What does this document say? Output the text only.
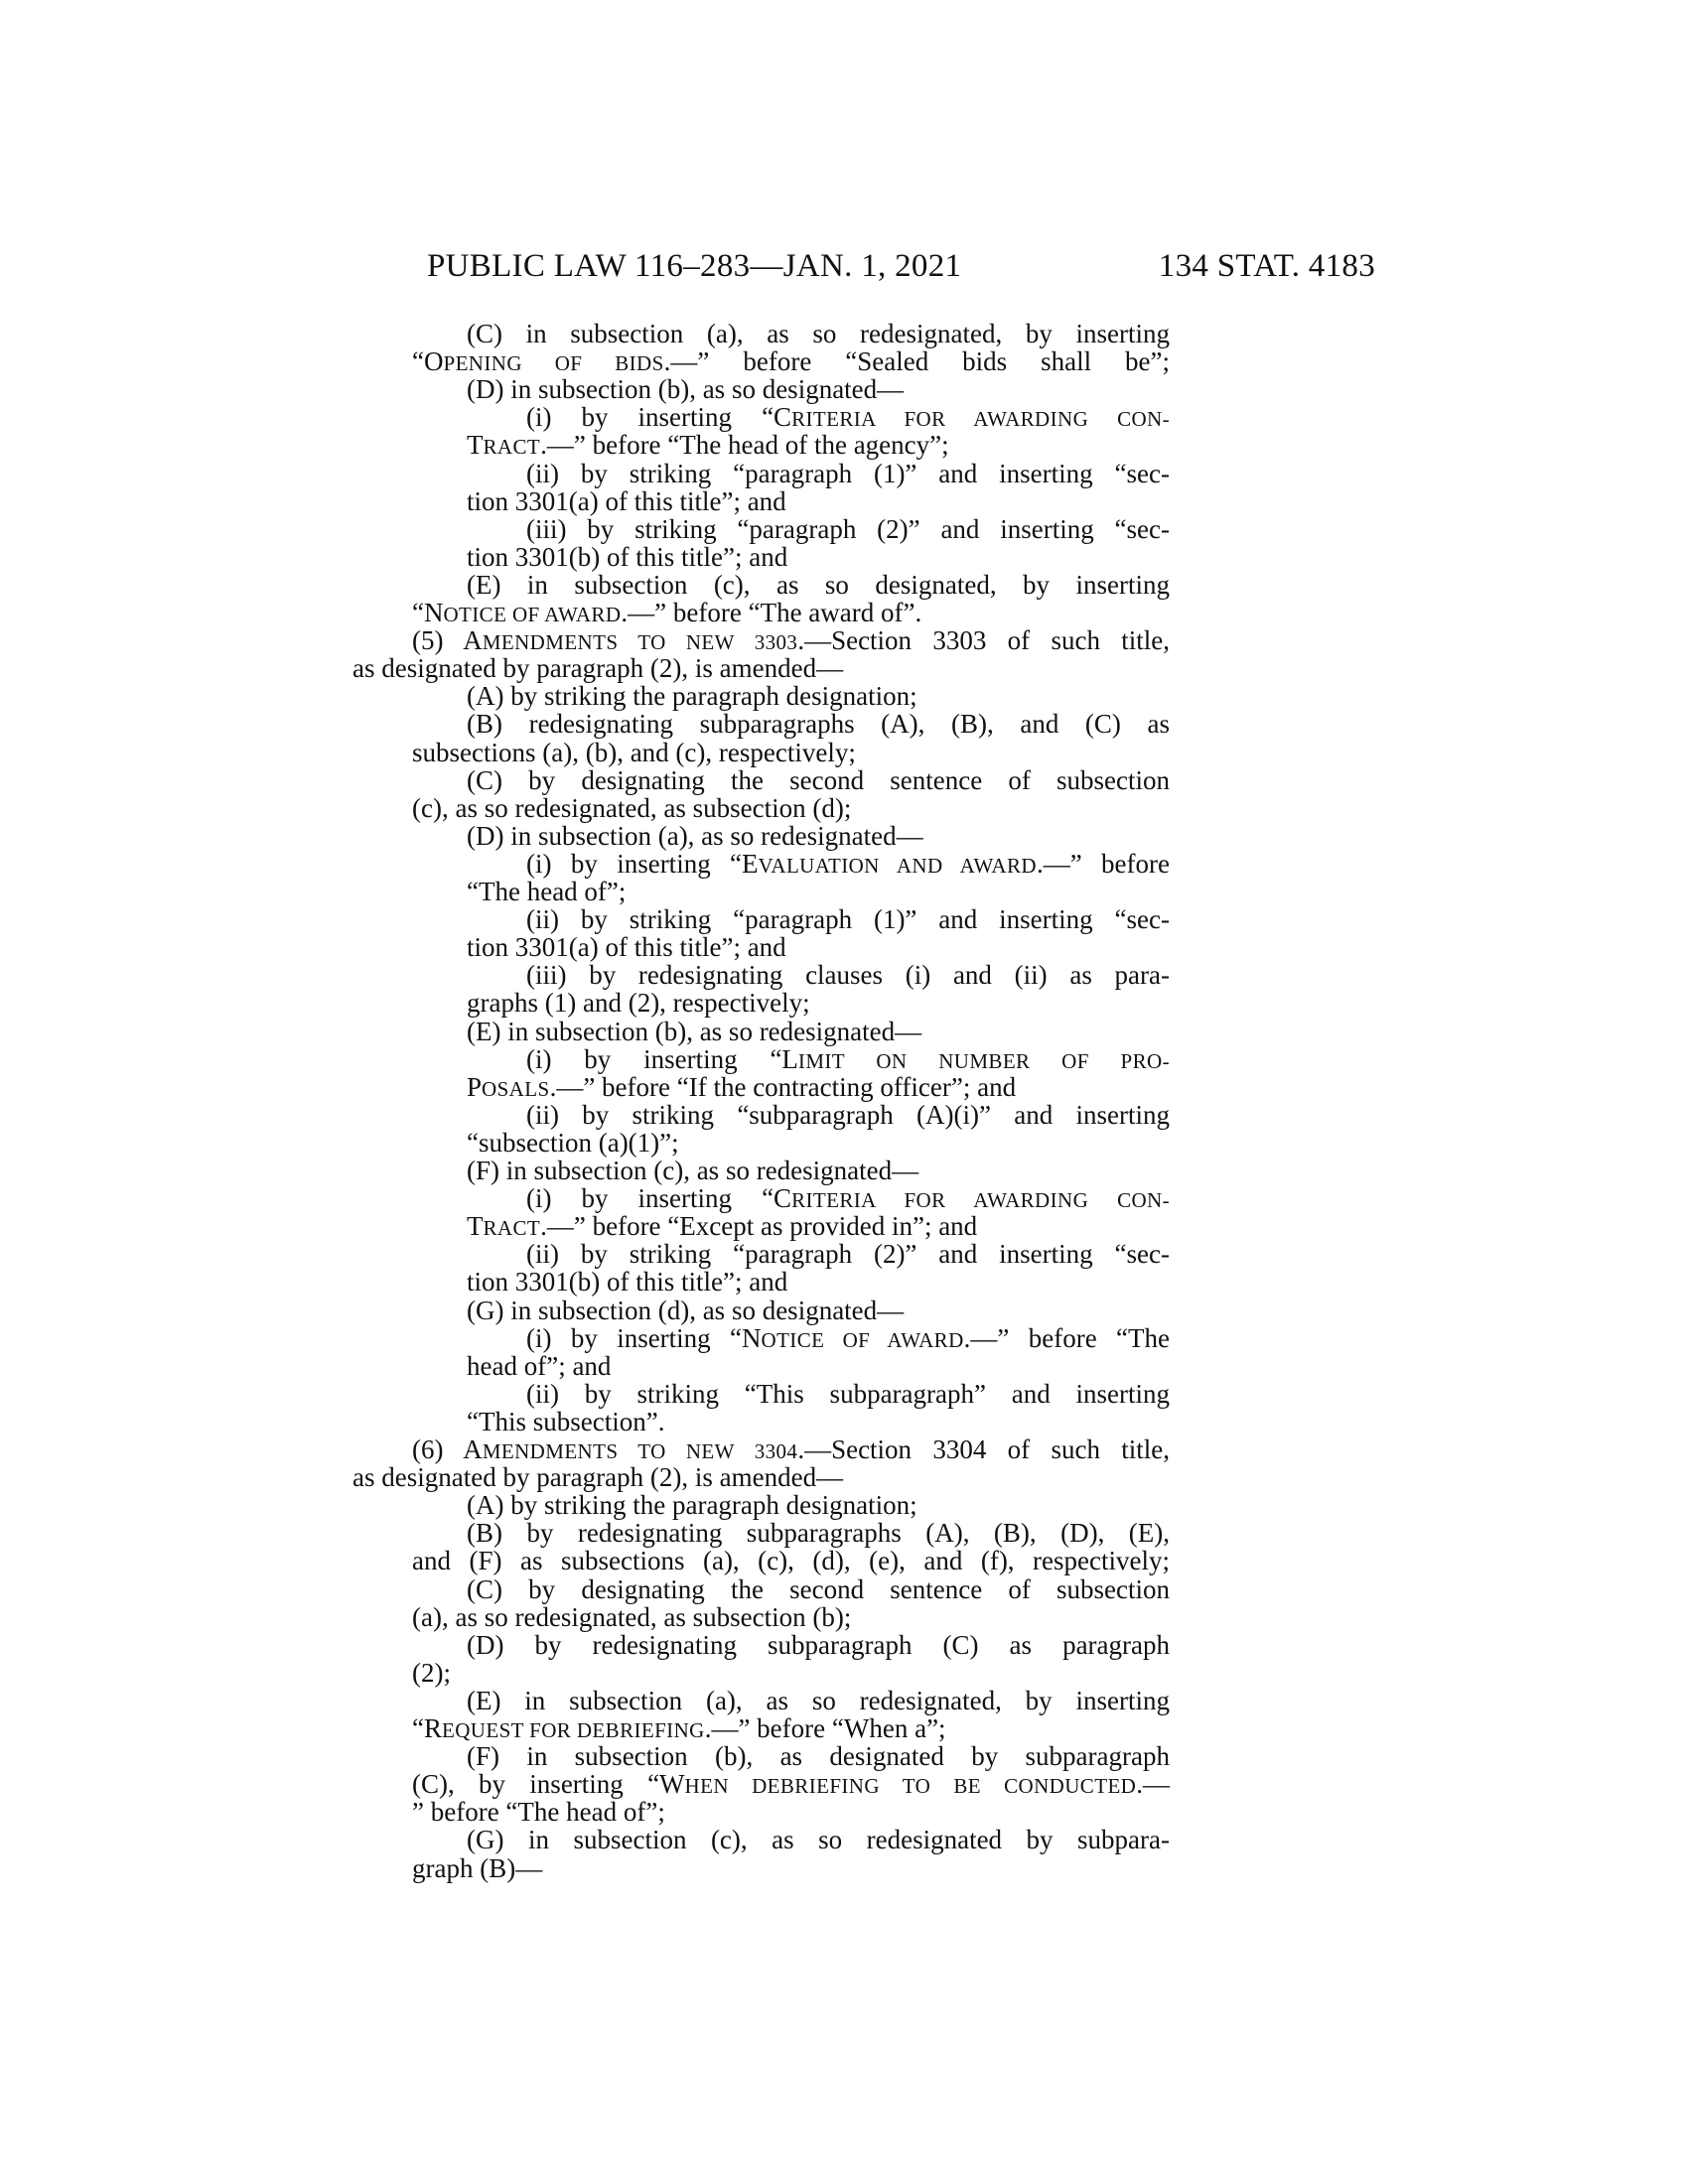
PUBLIC LAW 116–283—JAN. 1, 2021	134 STAT. 4183
(C) in subsection (a), as so redesignated, by inserting
“OPENING OF BIDS.—” before “Sealed bids shall be”;
(D) in subsection (b), as so designated—
(i) by inserting “CRITERIA FOR AWARDING CON-
TRACT.—” before “The head of the agency”;
(ii) by striking “paragraph (1)” and inserting “sec-
tion 3301(a) of this title”; and
(iii) by striking “paragraph (2)” and inserting “sec-
tion 3301(b) of this title”; and
(E) in subsection (c), as so designated, by inserting
“NOTICE OF AWARD.—” before “The award of”.
(5) AMENDMENTS TO NEW 3303.—Section 3303 of such title,
as designated by paragraph (2), is amended—
(A) by striking the paragraph designation;
(B) redesignating subparagraphs (A), (B), and (C) as
subsections (a), (b), and (c), respectively;
(C) by designating the second sentence of subsection
(c), as so redesignated, as subsection (d);
(D) in subsection (a), as so redesignated—
(i) by inserting “EVALUATION AND AWARD.—” before
“The head of”;
(ii) by striking “paragraph (1)” and inserting “sec-
tion 3301(a) of this title”; and
(iii) by redesignating clauses (i) and (ii) as para-
graphs (1) and (2), respectively;
(E) in subsection (b), as so redesignated—
(i) by inserting “LIMIT ON NUMBER OF PRO-
POSALS.—” before “If the contracting officer”; and
(ii) by striking “subparagraph (A)(i)” and inserting
“subsection (a)(1)”;
(F) in subsection (c), as so redesignated—
(i) by inserting “CRITERIA FOR AWARDING CON-
TRACT.—” before “Except as provided in”; and
(ii) by striking “paragraph (2)” and inserting “sec-
tion 3301(b) of this title”; and
(G) in subsection (d), as so designated—
(i) by inserting “NOTICE OF AWARD.—” before “The
head of”; and
(ii) by striking “This subparagraph” and inserting
“This subsection”.
(6) AMENDMENTS TO NEW 3304.—Section 3304 of such title,
as designated by paragraph (2), is amended—
(A) by striking the paragraph designation;
(B) by redesignating subparagraphs (A), (B), (D), (E),
and (F) as subsections (a), (c), (d), (e), and (f), respectively;
(C) by designating the second sentence of subsection
(a), as so redesignated, as subsection (b);
(D) by redesignating subparagraph (C) as paragraph
(2);
(E) in subsection (a), as so redesignated, by inserting
“REQUEST FOR DEBRIEFING.—” before “When a”;
(F) in subsection (b), as designated by subparagraph
(C), by inserting “WHEN DEBRIEFING TO BE CONDUCTED.—
” before “The head of”;
(G) in subsection (c), as so redesignated by subpara-
graph (B)—
